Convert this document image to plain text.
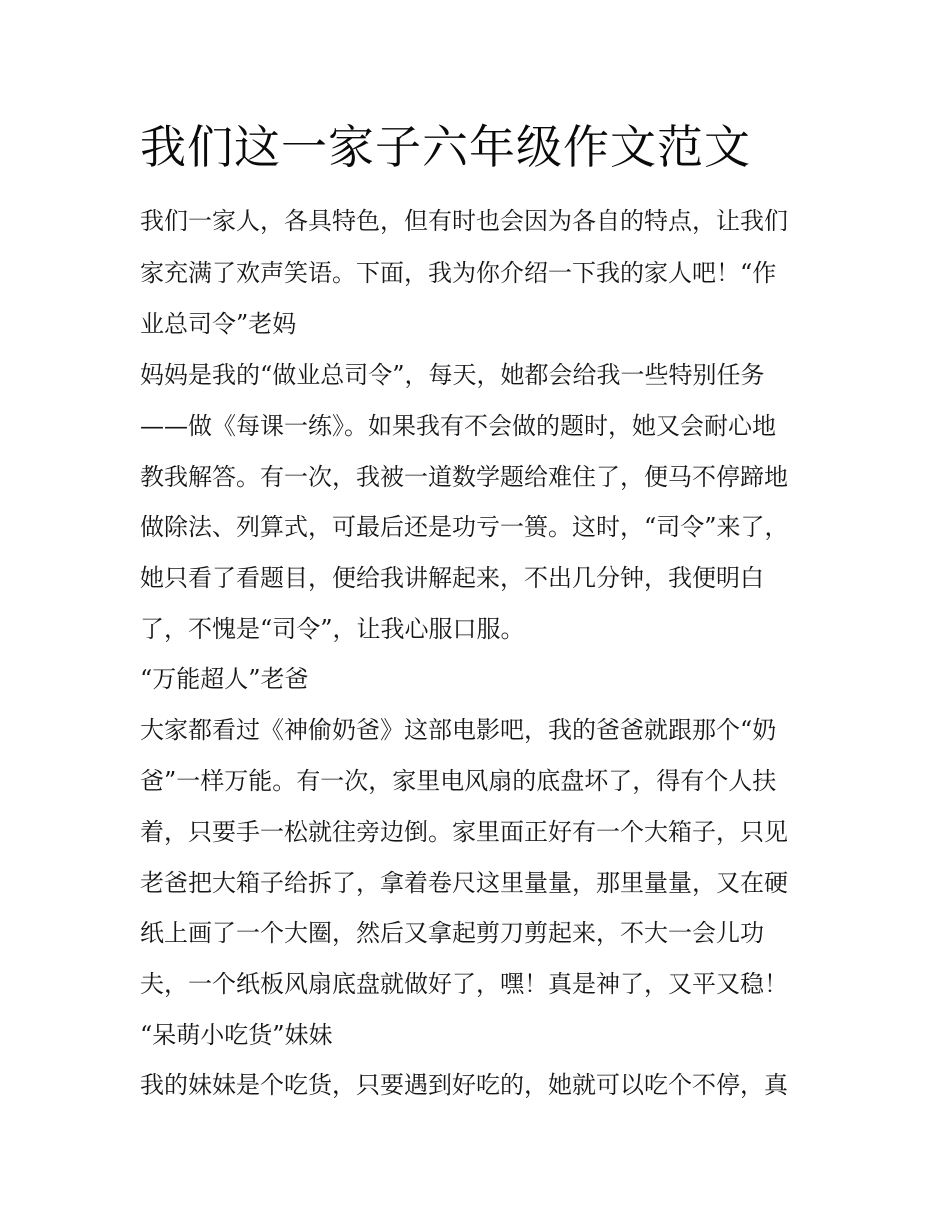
我们这一家子六年级作文范文

我们一家人，各具特色，但有时也会因为各自的特点，让我们

家充满了欢声笑语。下面，我为你介绍一下我的家人吧！“作

业总司令”老妈

妈妈是我的“做业总司令”，每天，她都会给我一些特别任务

——做《每课一练》。如果我有不会做的题时，她又会耐心地

教我解答。有一次，我被一道数学题给难住了，便马不停蹄地

做除法、列算式，可最后还是功亏一篑。这时，“司令”来了，

她只看了看题目，便给我讲解起来，不出几分钟，我便明白

了，不愧是“司令”，让我心服口服。

“万能超人”老爸

大家都看过《神偷奶爸》这部电影吧，我的爸爸就跟那个“奶

爸”一样万能。有一次，家里电风扇的底盘坏了，得有个人扶

着，只要手一松就往旁边倒。家里面正好有一个大箱子，只见

老爸把大箱子给拆了，拿着卷尺这里量量，那里量量，又在硬

纸上画了一个大圈，然后又拿起剪刀剪起来，不大一会儿功

夫，一个纸板风扇底盘就做好了，嘿！真是神了，又平又稳！

“呆萌小吃货”妹妹

我的妹妹是个吃货，只要遇到好吃的，她就可以吃个不停，真
